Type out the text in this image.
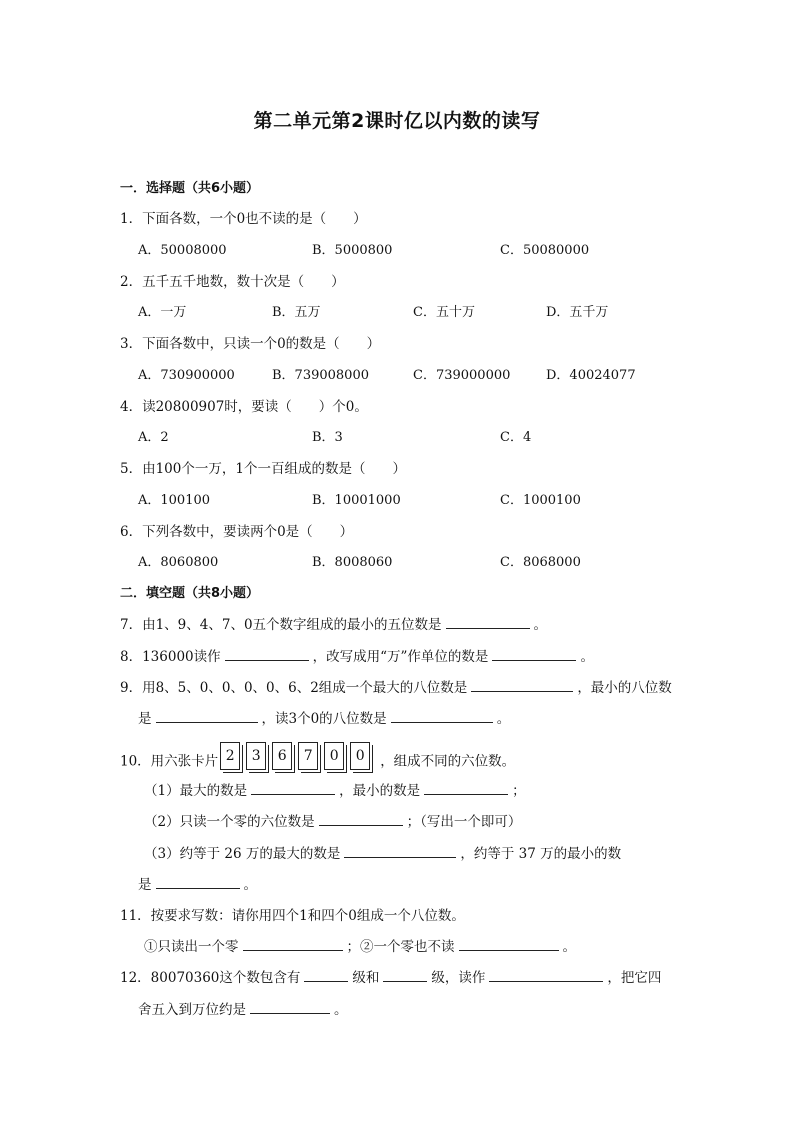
第二单元第2课时亿以内数的读写
一．选择题（共6小题）
1．下面各数，一个0也不读的是（　　）
A．50008000	B．5000800	C．50080000
2．五千五千地数，数十次是（　　）
A．一万	B．五万	C．五十万	D．五千万
3．下面各数中，只读一个0的数是（　　）
A．730900000	B．739008000	C．739000000	D．40024077
4．读20800907时，要读（　　）个0。
A．2	B．3	C．4
5．由100个一万，1个一百组成的数是（　　）
A．100100	B．10001000	C．1000100
6．下列各数中，要读两个0是（　　）
A．8060800	B．8008060	C．8068000
二．填空题（共8小题）
7．由1、9、4、7、0五个数字组成的最小的五位数是	。
8．136000读作	，改写成用“万”作单位的数是	。
9．用8、5、0、0、0、0、6、2组成一个最大的八位数是	，最小的八位数
是	，读3个0的八位数是	。
10．用六张卡片 2 3 6 7 0 0 ，组成不同的六位数。
（1）最大的数是	，最小的数是	；
（2）只读一个零的六位数是	；（写出一个即可）
（3）约等于 26 万的最大的数是	，约等于 37 万的最小的数
是	。
11．按要求写数：请你用四个1和四个0组成一个八位数。
①只读出一个零	；②一个零也不读	。
12．80070360这个数包含有	级和	级，读作	，把它四
舍五入到万位约是	。
